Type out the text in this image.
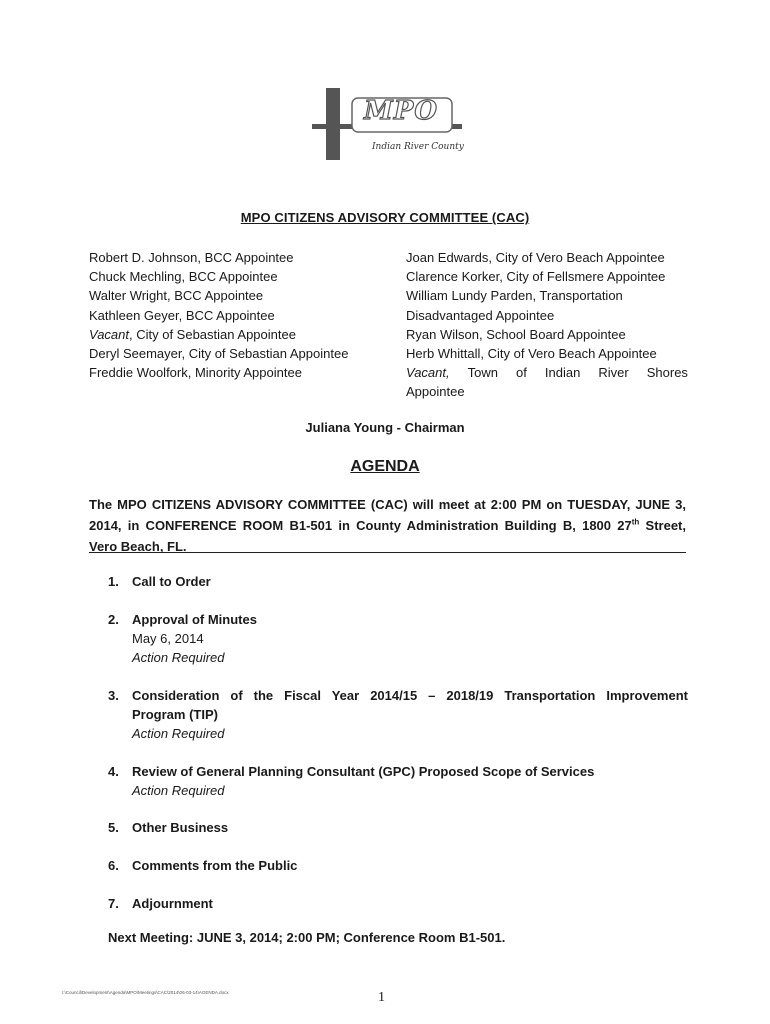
MPO
Indian River County
MPO CITIZENS ADVISORY COMMITTEE (CAC)
Robert D. Johnson, BCC Appointee
Chuck Mechling, BCC Appointee
Walter Wright, BCC Appointee
Kathleen Geyer, BCC Appointee
Vacant, City of Sebastian Appointee
Deryl Seemayer, City of Sebastian Appointee
Freddie Woolfork, Minority Appointee
Joan Edwards, City of Vero Beach Appointee
Clarence Korker, City of Fellsmere Appointee
William Lundy Parden, Transportation
Disadvantaged Appointee
Ryan Wilson, School Board Appointee
Herb Whittall, City of Vero Beach Appointee
Vacant, Town of Indian River Shores
Appointee
Juliana Young - Chairman
AGENDA
The MPO CITIZENS ADVISORY COMMITTEE (CAC) will meet at 2:00 PM on TUESDAY, JUNE 3,
2014, in CONFERENCE ROOM B1-501 in County Administration Building B, 1800 27th Street,
Vero Beach, FL.
1.	Call to Order
2.	Approval of Minutes
May 6, 2014
Action Required
3.	Consideration of the Fiscal Year 2014/15 – 2018/19 Transportation Improvement
Program (TIP)
Action Required
4.	Review of General Planning Consultant (GPC) Proposed Scope of Services
Action Required
5.	Other Business
6.	Comments from the Public
7.	Adjournment
Next Meeting: JUNE 3, 2014; 2:00 PM; Conference Room B1-501.
I:\Council\Development\Agenda\MPO\Meetings\CAC\2014\06-03-14\AGENDA.docx	1
